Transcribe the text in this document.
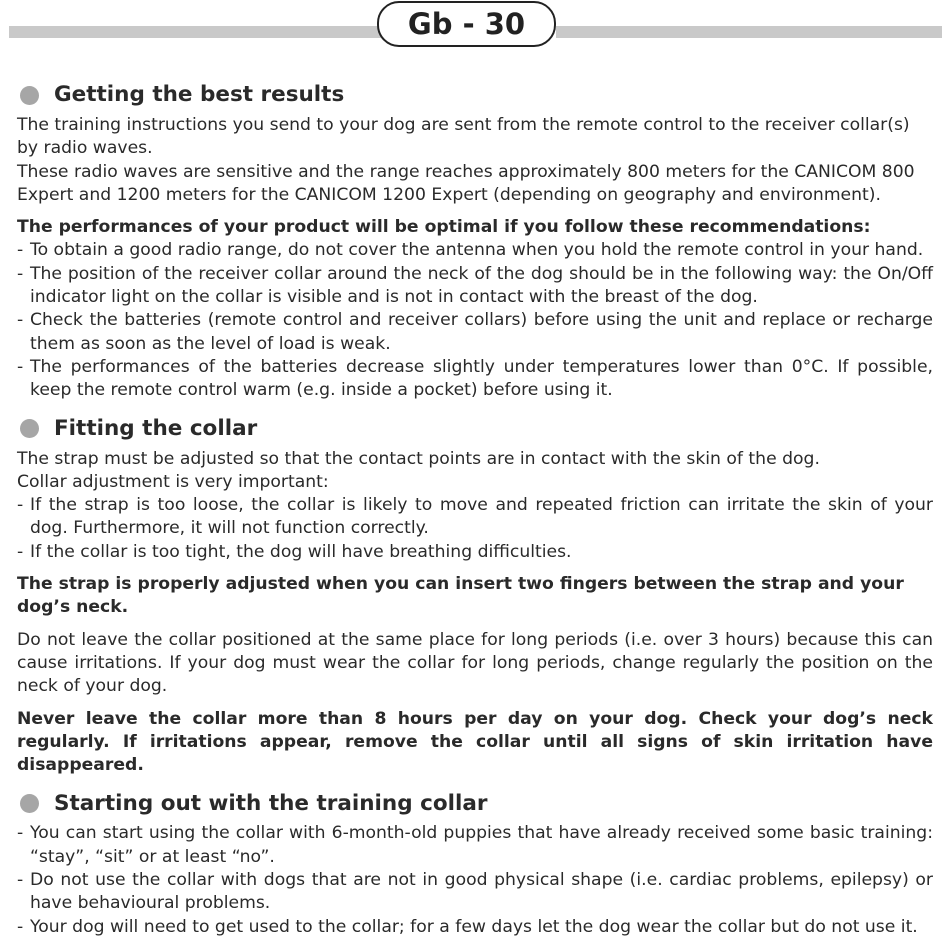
Gb - 30
Getting the best results

The training instructions you send to your dog are sent from the remote control to the receiver collar(s) by radio waves.

These radio waves are sensitive and the range reaches approximately 800 meters for the CANICOM 800 Expert and 1200 meters for the CANICOM 1200 Expert (depending on geography and environment).

The performances of your product will be optimal if you follow these recommendations:

- To obtain a good radio range, do not cover the antenna when you hold the remote control in your hand.
- The position of the receiver collar around the neck of the dog should be in the following way: the On/Off indicator light on the collar is visible and is not in contact with the breast of the dog.
- Check the batteries (remote control and receiver collars) before using the unit and replace or recharge them as soon as the level of load is weak.
- The performances of the batteries decrease slightly under temperatures lower than 0°C. If possible, keep the remote control warm (e.g. inside a pocket) before using it.
Fitting the collar

The strap must be adjusted so that the contact points are in contact with the skin of the dog.

Collar adjustment is very important:

- If the strap is too loose, the collar is likely to move and repeated friction can irritate the skin of your dog. Furthermore, it will not function correctly.
- If the collar is too tight, the dog will have breathing difficulties.

The strap is properly adjusted when you can insert two fingers between the strap and your dog’s neck.

Do not leave the collar positioned at the same place for long periods (i.e. over 3 hours) because this can cause irritations. If your dog must wear the collar for long periods, change regularly the position on the neck of your dog.

Never leave the collar more than 8 hours per day on your dog. Check your dog’s neck regularly. If irritations appear, remove the collar until all signs of skin irritation have disappeared.

Starting out with the training collar
- You can start using the collar with 6-month-old puppies that have already received some basic training: “stay”, “sit” or at least “no”.
- Do not use the collar with dogs that are not in good physical shape (i.e. cardiac problems, epilepsy) or have behavioural problems.
- Your dog will need to get used to the collar; for a few days let the dog wear the collar but do not use it.
